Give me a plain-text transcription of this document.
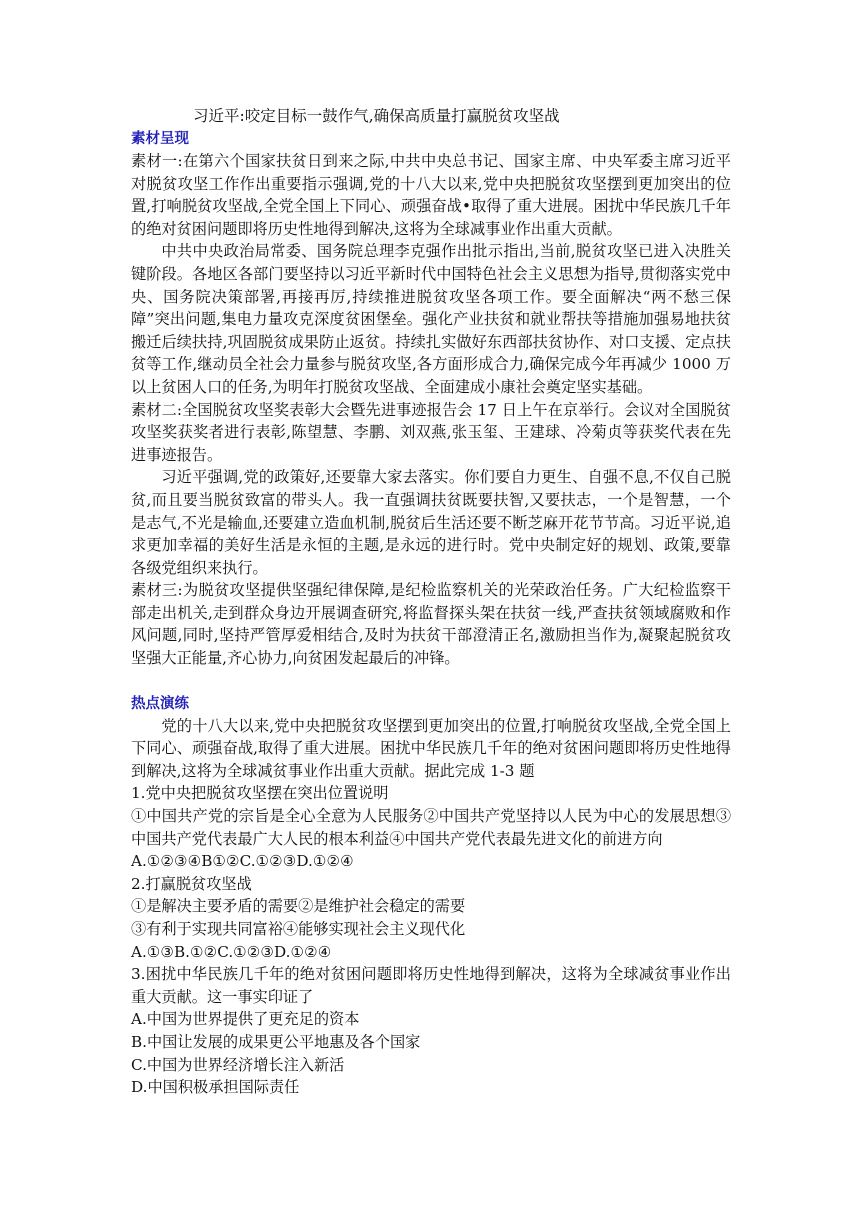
习近平:咬定目标一鼓作气,确保高质量打赢脱贫攻坚战
素材呈现

素材一:在第六个国家扶贫日到来之际,中共中央总书记、国家主席、中央军委主席习近平对脱贫攻坚工作作出重要指示强调,党的十八大以来,党中央把脱贫攻坚摆到更加突出的位置,打响脱贫攻坚战,全党全国上下同心、顽强奋战•取得了重大进展。困扰中华民族几千年的绝对贫困问题即将历史性地得到解决,这将为全球减事业作出重大贡献。

中共中央政治局常委、国务院总理李克强作出批示指出,当前,脱贫攻坚已进入决胜关键阶段。各地区各部门要坚持以习近平新时代中国特色社会主义思想为指导,贯彻落实党中央、国务院决策部署,再接再厉,持续推进脱贫攻坚各项工作。要全面解决“两不愁三保障”突出问题,集电力量攻克深度贫困堡垒。强化产业扶贫和就业帮扶等措施加强易地扶贫搬迁后续扶持,巩固脱贫成果防止返贫。持续扎实做好东西部扶贫协作、对口支援、定点扶贫等工作,继动员全社会力量参与脱贫攻坚,各方面形成合力,确保完成今年再减少 1000 万以上贫困人口的任务,为明年打脱贫攻坚战、全面建成小康社会奠定坚实基础。

素材二:全国脱贫攻坚奖表彰大会暨先进事迹报告会 17 日上午在京举行。会议对全国脱贫攻坚奖获奖者进行表彰,陈望慧、李鹏、刘双燕,张玉玺、王建球、冷菊贞等获奖代表在先进事迹报告。

习近平强调,党的政策好,还要靠大家去落实。你们要自力更生、自强不息,不仅自己脱贫,而且要当脱贫致富的带头人。我一直强调扶贫既要扶智,又要扶志，一个是智慧，一个是志气,不光是输血,还要建立造血机制,脱贫后生活还要不断芝麻开花节节高。习近平说,追求更加幸福的美好生活是永恒的主题,是永远的进行时。党中央制定好的规划、政策,要靠各级党组织来执行。

素材三:为脱贫攻坚提供坚强纪律保障,是纪检监察机关的光荣政治任务。广大纪检监察干部走出机关,走到群众身边开展调查研究,将监督探头架在扶贫一线,严查扶贫领域腐败和作风问题,同时,坚持严管厚爱相结合,及时为扶贫干部澄清正名,激励担当作为,凝聚起脱贫攻坚强大正能量,齐心协力,向贫困发起最后的冲锋。

热点演练

党的十八大以来,党中央把脱贫攻坚摆到更加突出的位置,打响脱贫攻坚战,全党全国上下同心、顽强奋战,取得了重大进展。困扰中华民族几千年的绝对贫困问题即将历史性地得到解决,这将为全球减贫事业作出重大贡献。据此完成 1-3 题

1.党中央把脱贫攻坚摆在突出位置说明

①中国共产党的宗旨是全心全意为人民服务②中国共产党坚持以人民为中心的发展思想③中国共产党代表最广大人民的根本利益④中国共产党代表最先进文化的前进方向

A.①②③④B①②C.①②③D.①②④

2.打赢脱贫攻坚战

①是解决主要矛盾的需要②是维护社会稳定的需要

③有利于实现共同富裕④能够实现社会主义现代化

A.①③B.①②C.①②③D.①②④

3.困扰中华民族几千年的绝对贫困问题即将历史性地得到解决，这将为全球减贫事业作出重大贡献。这一事实印证了

A.中国为世界提供了更充足的资本

B.中国让发展的成果更公平地惠及各个国家

C.中国为世界经济增长注入新活

D.中国积极承担国际责任
